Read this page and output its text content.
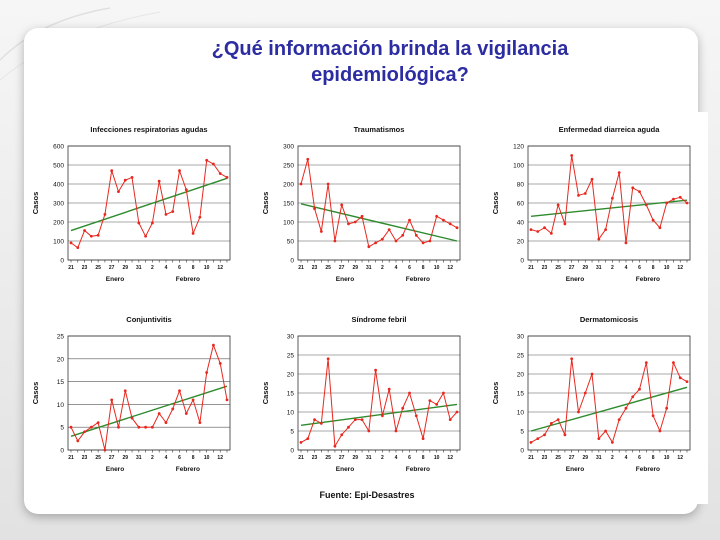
¿Qué información brinda la vigilancia
epidemiológica?
Infecciones respiratorias agudas
0
100
200
300
400
500
600
Casos
21 23 25 27 29 31 2 4 6 8 10 12
Enero	Febrero
Traumatismos
0
50
100
150
200
250
300
Casos
21 23 25 27 29 31 2 4 6 8 10 12
Enero	Febrero
Enfermedad diarreica aguda
0
20
40
60
80
100
120
Casos
21 23 25 27 29 31 2 4 6 8 10 12
Enero	Febrero
Conjuntivitis
0
5
10
15
20
25
Casos
21 23 25 27 29 31 2 4 6 8 10 12
Enero	Febrero
Síndrome febril
0
5
10
15
20
25
30
Casos
21 23 25 27 29 31 2 4 6 8 10 12
Enero	Febrero
Dermatomicosis
0
5
10
15
20
25
30
Casos
21 23 25 27 29 31 2 4 6 8 10 12
Enero	Febrero
Fuente: Epi-Desastres
